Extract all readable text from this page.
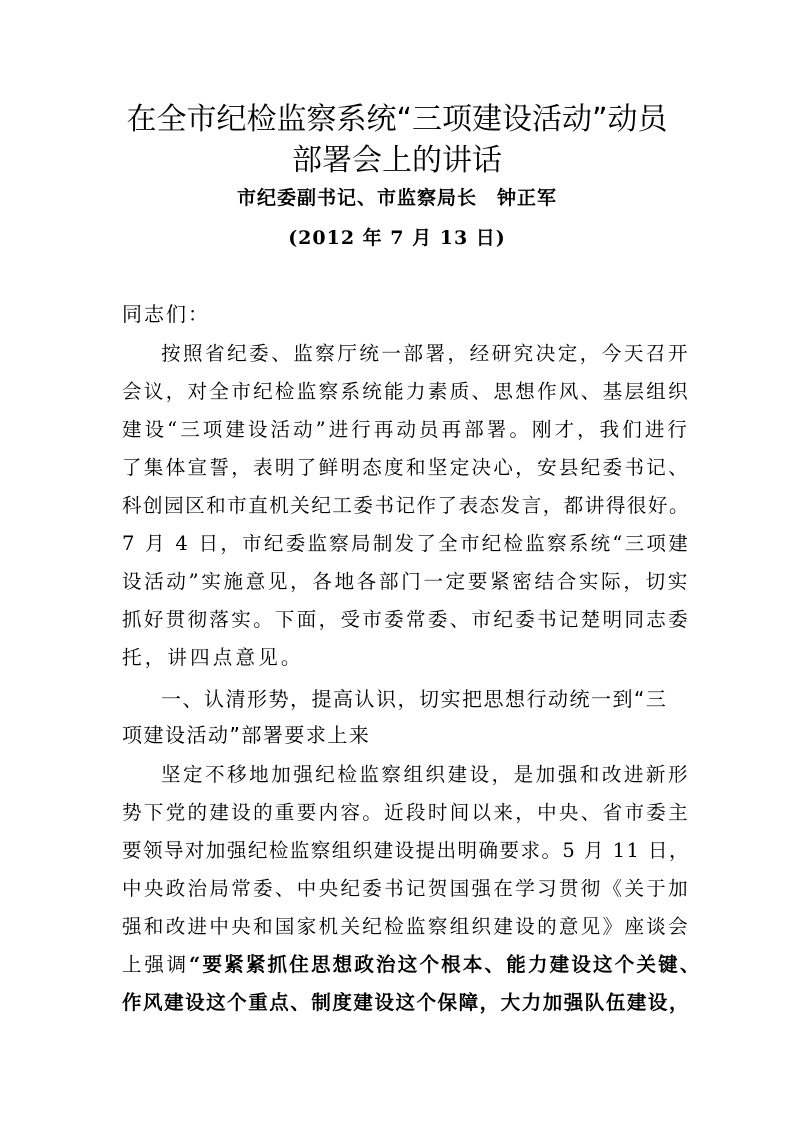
在全市纪检监察系统“三项建设活动”动员
部署会上的讲话
市纪委副书记、市监察局长　钟正军
(2012 年 7 月 13 日)
同志们：
按照省纪委、监察厅统一部署，经研究决定，今天召开
会议，对全市纪检监察系统能力素质、思想作风、基层组织
建设“三项建设活动”进行再动员再部署。刚才，我们进行
了集体宣誓，表明了鲜明态度和坚定决心，安县纪委书记、
科创园区和市直机关纪工委书记作了表态发言，都讲得很好。
7 月 4 日，市纪委监察局制发了全市纪检监察系统“三项建
设活动”实施意见，各地各部门一定要紧密结合实际，切实
抓好贯彻落实。下面，受市委常委、市纪委书记楚明同志委
托，讲四点意见。
一、认清形势，提高认识，切实把思想行动统一到“三
项建设活动”部署要求上来
坚定不移地加强纪检监察组织建设，是加强和改进新形
势下党的建设的重要内容。近段时间以来，中央、省市委主
要领导对加强纪检监察组织建设提出明确要求。5 月 11 日，
中央政治局常委、中央纪委书记贺国强在学习贯彻《关于加
强和改进中央和国家机关纪检监察组织建设的意见》座谈会
上强调“要紧紧抓住思想政治这个根本、能力建设这个关键、
作风建设这个重点、制度建设这个保障，大力加强队伍建设，
